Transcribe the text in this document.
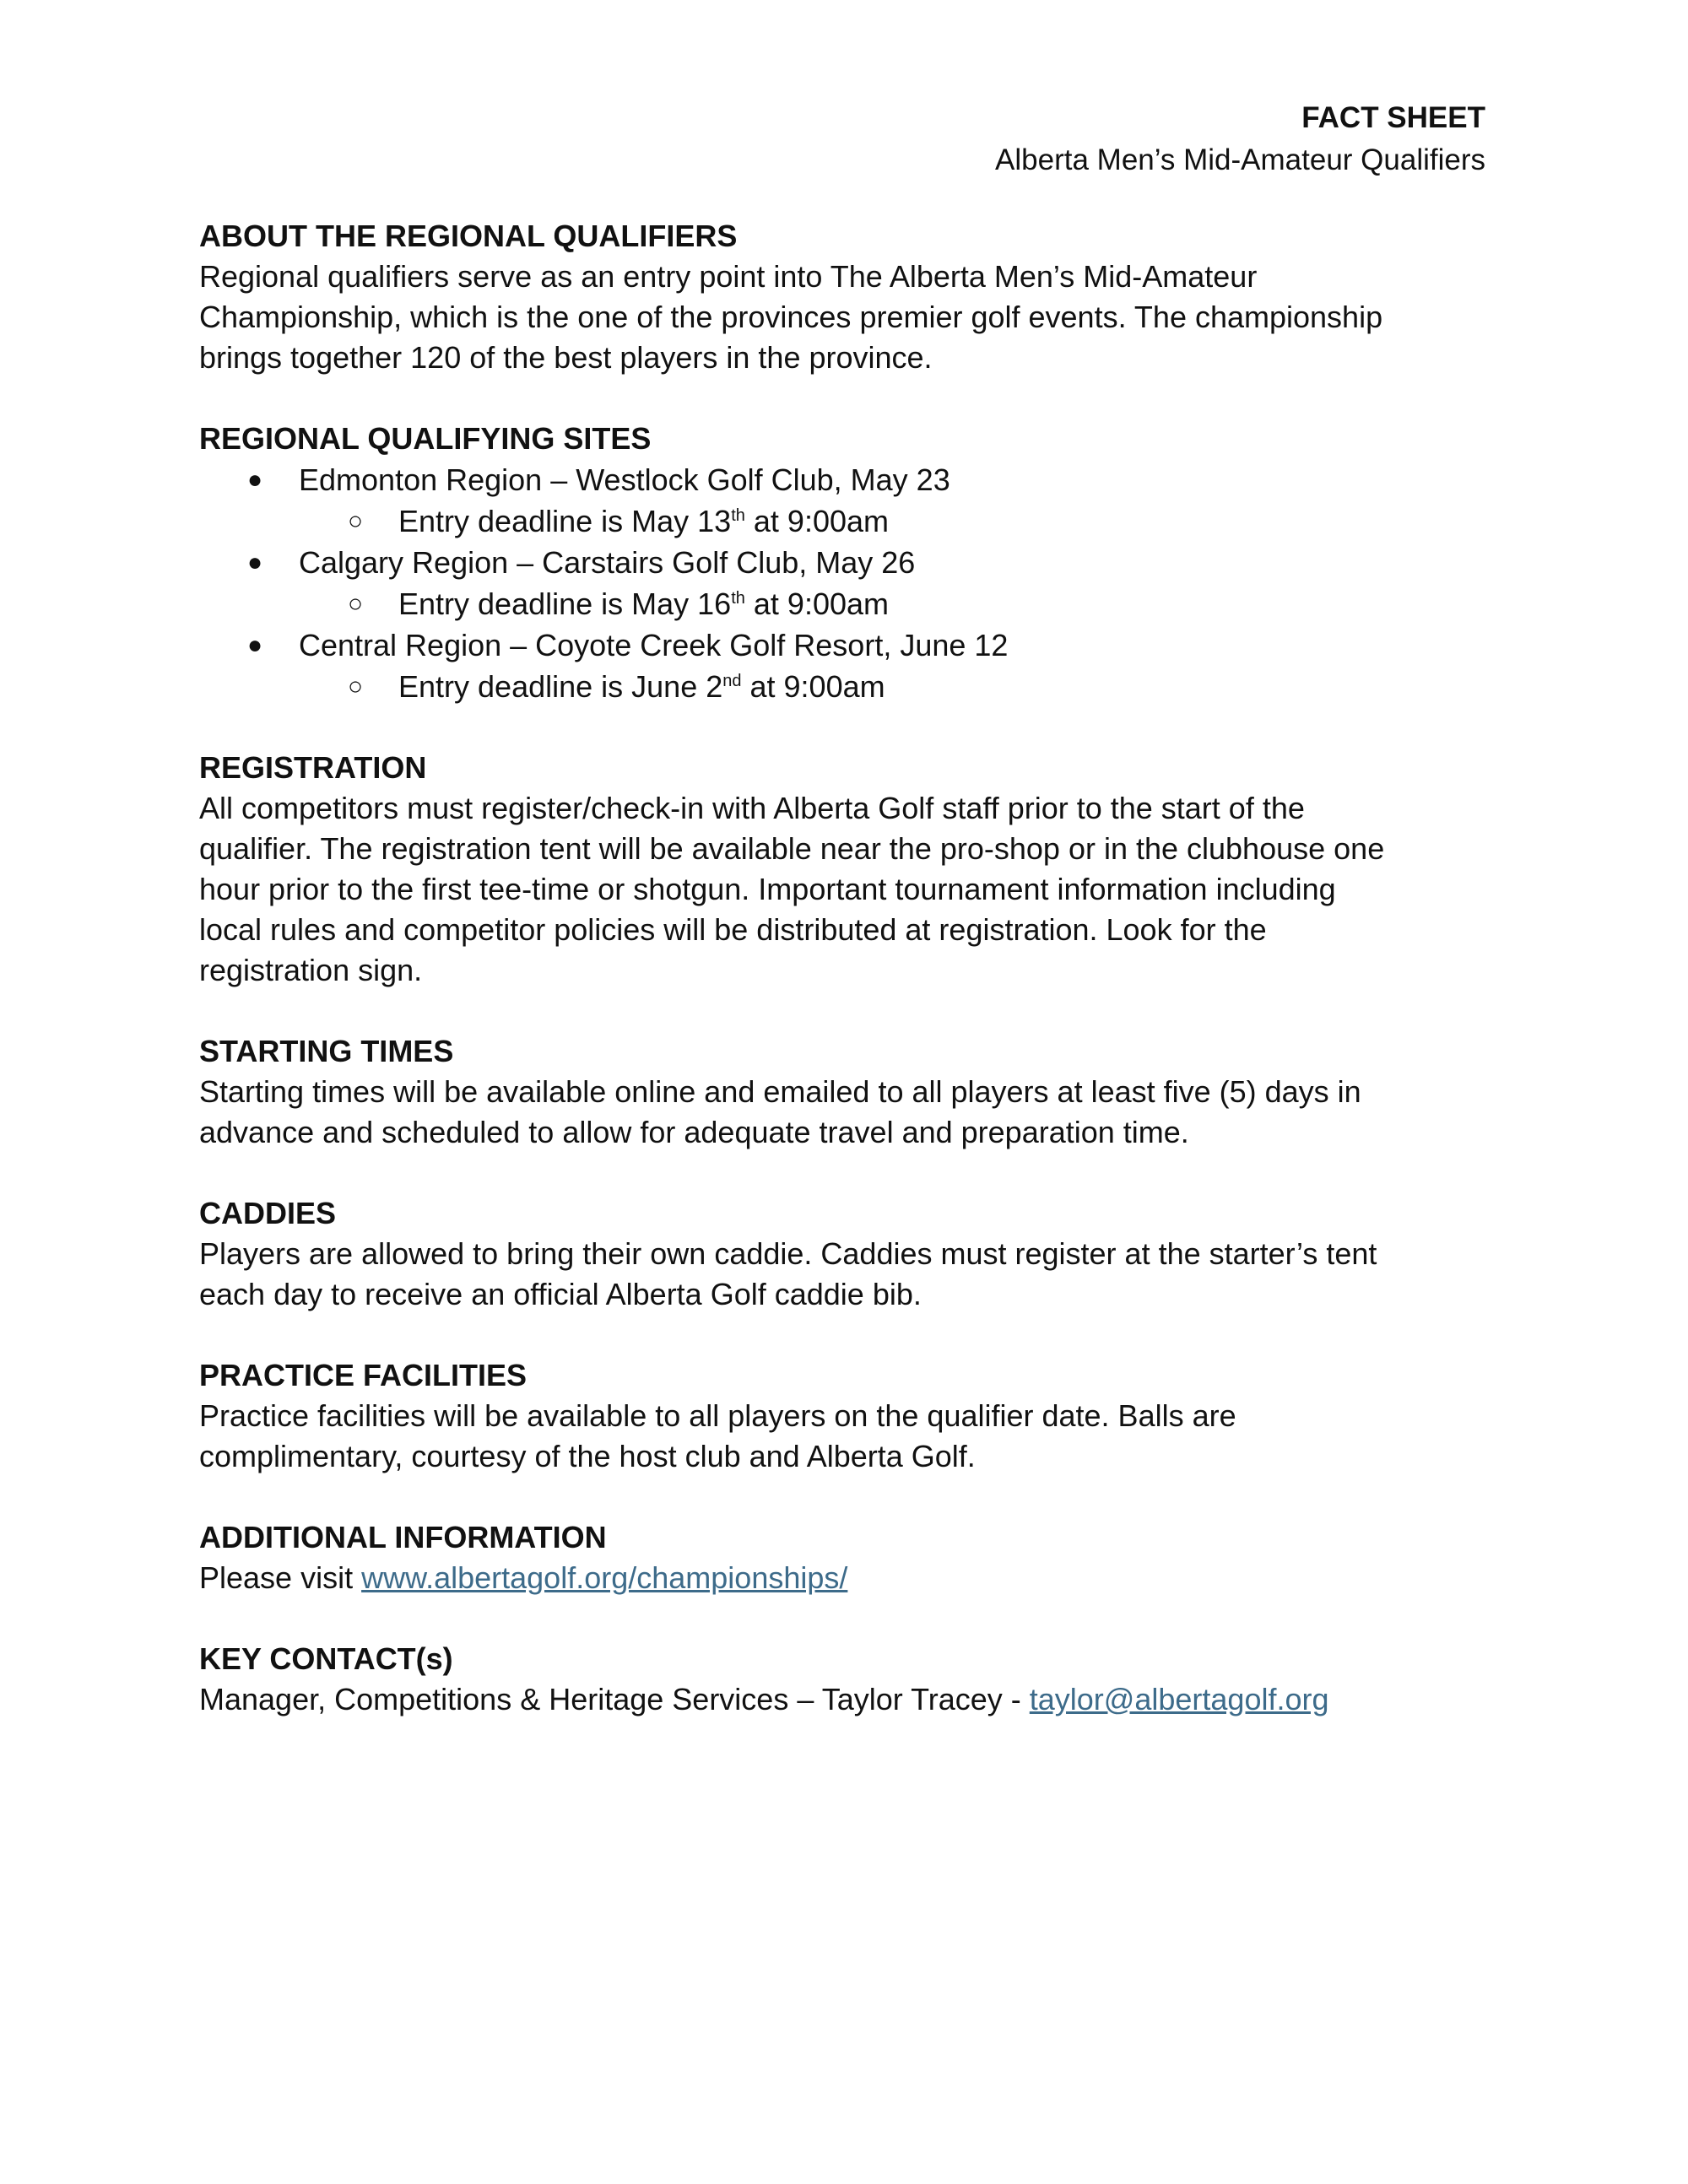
FACT SHEET
Alberta Men’s Mid-Amateur Qualifiers
ABOUT THE REGIONAL QUALIFIERS
Regional qualifiers serve as an entry point into The Alberta Men’s Mid-Amateur
Championship, which is the one of the provinces premier golf events. The championship
brings together 120 of the best players in the province.
REGIONAL QUALIFYING SITES
● Edmonton Region – Westlock Golf Club, May 23
○ Entry deadline is May 13th at 9:00am
● Calgary Region – Carstairs Golf Club, May 26
○ Entry deadline is May 16th at 9:00am
● Central Region – Coyote Creek Golf Resort, June 12
○ Entry deadline is June 2nd at 9:00am
REGISTRATION
All competitors must register/check-in with Alberta Golf staff prior to the start of the
qualifier. The registration tent will be available near the pro-shop or in the clubhouse one
hour prior to the first tee-time or shotgun. Important tournament information including
local rules and competitor policies will be distributed at registration. Look for the
registration sign.
STARTING TIMES
Starting times will be available online and emailed to all players at least five (5) days in
advance and scheduled to allow for adequate travel and preparation time.
CADDIES
Players are allowed to bring their own caddie. Caddies must register at the starter’s tent
each day to receive an official Alberta Golf caddie bib.
PRACTICE FACILITIES
Practice facilities will be available to all players on the qualifier date. Balls are
complimentary, courtesy of the host club and Alberta Golf.
ADDITIONAL INFORMATION
Please visit www.albertagolf.org/championships/
KEY CONTACT(s)
Manager, Competitions & Heritage Services – Taylor Tracey - taylor@albertagolf.org
